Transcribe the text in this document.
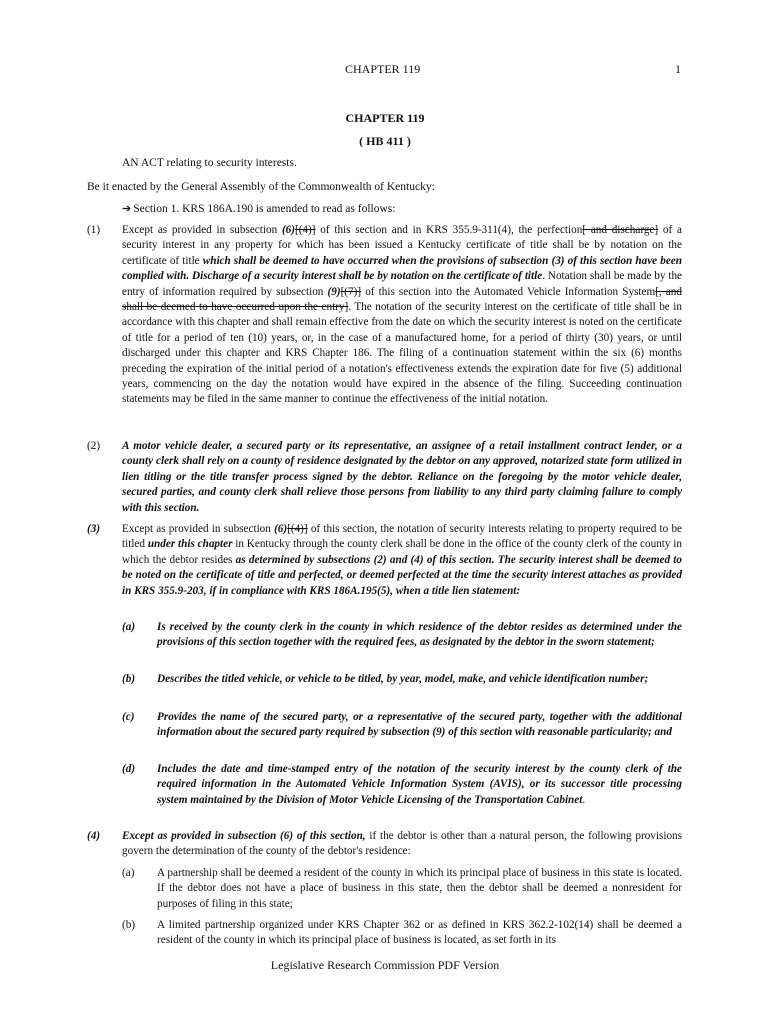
CHAPTER 119	1
CHAPTER 119
( HB 411 )
AN ACT relating to security interests.
Be it enacted by the General Assembly of the Commonwealth of Kentucky:
➔ Section 1. KRS 186A.190 is amended to read as follows:
(1) Except as provided in subsection (6)[(4)] of this section and in KRS 355.9-311(4), the perfection[ and discharge] of a security interest in any property for which has been issued a Kentucky certificate of title shall be by notation on the certificate of title which shall be deemed to have occurred when the provisions of subsection (3) of this section have been complied with. Discharge of a security interest shall be by notation on the certificate of title. Notation shall be made by the entry of information required by subsection (9)[(7)] of this section into the Automated Vehicle Information System[, and shall be deemed to have occurred upon the entry]. The notation of the security interest on the certificate of title shall be in accordance with this chapter and shall remain effective from the date on which the security interest is noted on the certificate of title for a period of ten (10) years, or, in the case of a manufactured home, for a period of thirty (30) years, or until discharged under this chapter and KRS Chapter 186. The filing of a continuation statement within the six (6) months preceding the expiration of the initial period of a notation's effectiveness extends the expiration date for five (5) additional years, commencing on the day the notation would have expired in the absence of the filing. Succeeding continuation statements may be filed in the same manner to continue the effectiveness of the initial notation.
(2) A motor vehicle dealer, a secured party or its representative, an assignee of a retail installment contract lender, or a county clerk shall rely on a county of residence designated by the debtor on any approved, notarized state form utilized in lien titling or the title transfer process signed by the debtor. Reliance on the foregoing by the motor vehicle dealer, secured parties, and county clerk shall relieve those persons from liability to any third party claiming failure to comply with this section.
(3) Except as provided in subsection (6)[(4)] of this section, the notation of security interests relating to property required to be titled under this chapter in Kentucky through the county clerk shall be done in the office of the county clerk of the county in which the debtor resides as determined by subsections (2) and (4) of this section. The security interest shall be deemed to be noted on the certificate of title and perfected, or deemed perfected at the time the security interest attaches as provided in KRS 355.9-203, if in compliance with KRS 186A.195(5), when a title lien statement:
(a) Is received by the county clerk in the county in which residence of the debtor resides as determined under the provisions of this section together with the required fees, as designated by the debtor in the sworn statement;
(b) Describes the titled vehicle, or vehicle to be titled, by year, model, make, and vehicle identification number;
(c) Provides the name of the secured party, or a representative of the secured party, together with the additional information about the secured party required by subsection (9) of this section with reasonable particularity; and
(d) Includes the date and time-stamped entry of the notation of the security interest by the county clerk of the required information in the Automated Vehicle Information System (AVIS), or its successor title processing system maintained by the Division of Motor Vehicle Licensing of the Transportation Cabinet.
(4) Except as provided in subsection (6) of this section, if the debtor is other than a natural person, the following provisions govern the determination of the county of the debtor's residence:
(a) A partnership shall be deemed a resident of the county in which its principal place of business in this state is located. If the debtor does not have a place of business in this state, then the debtor shall be deemed a nonresident for purposes of filing in this state;
(b) A limited partnership organized under KRS Chapter 362 or as defined in KRS 362.2-102(14) shall be deemed a resident of the county in which its principal place of business is located, as set forth in its
Legislative Research Commission PDF Version
